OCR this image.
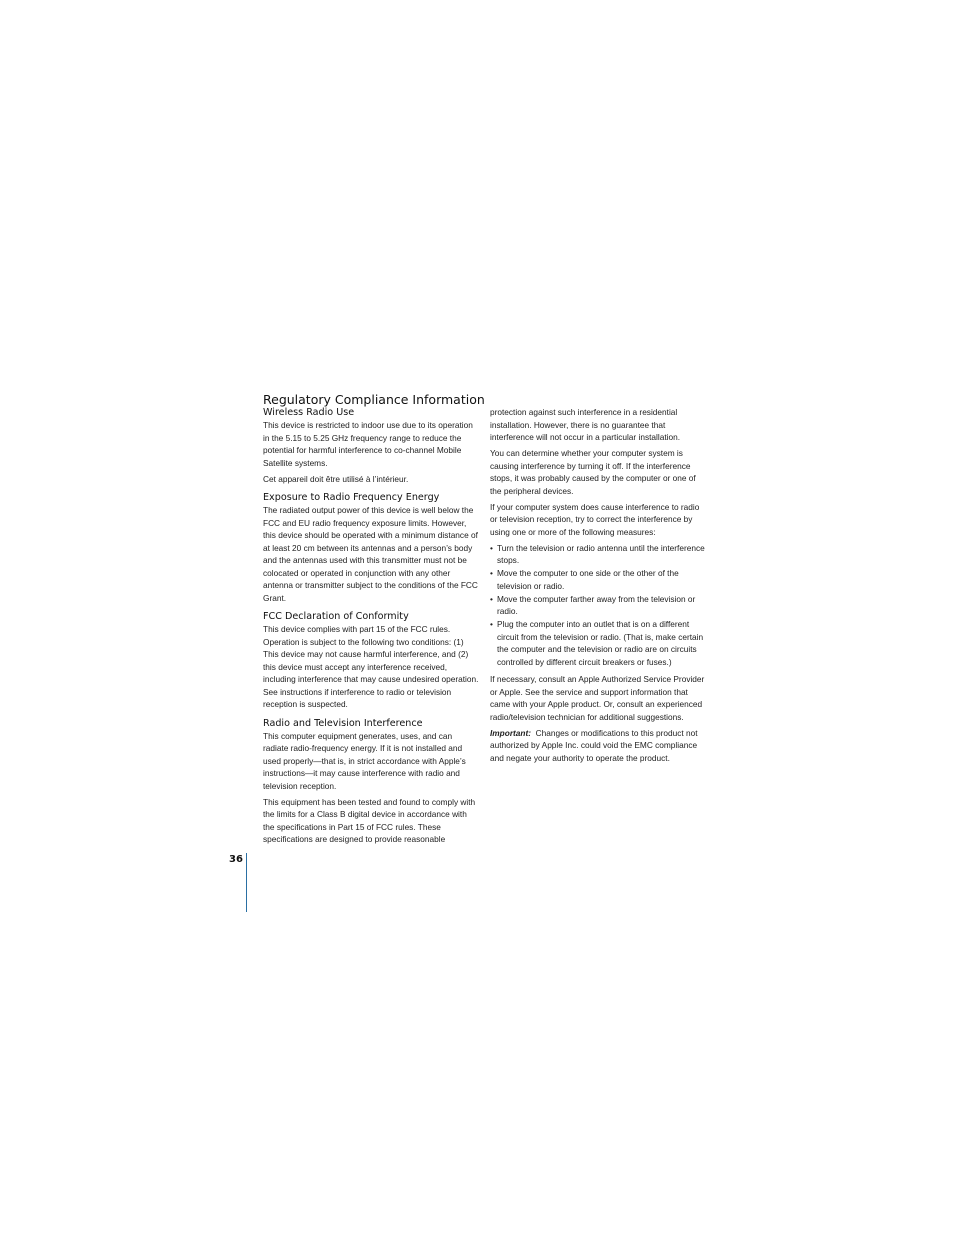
Regulatory Compliance Information
Wireless Radio Use

This device is restricted to indoor use due to its operation in the 5.15 to 5.25 GHz frequency range to reduce the potential for harmful interference to co-channel Mobile Satellite systems.

Cet appareil doit être utilisé à l’intérieur.

Exposure to Radio Frequency Energy

The radiated output power of this device is well below the FCC and EU radio frequency exposure limits. However, this device should be operated with a minimum distance of at least 20 cm between its antennas and a person’s body and the antennas used with this transmitter must not be colocated or operated in conjunction with any other antenna or transmitter subject to the conditions of the FCC Grant.

FCC Declaration of Conformity

This device complies with part 15 of the FCC rules. Operation is subject to the following two conditions: (1) This device may not cause harmful interference, and (2) this device must accept any interference received, including interference that may cause undesired operation. See instructions if interference to radio or television reception is suspected.

Radio and Television Interference

This computer equipment generates, uses, and can radiate radio-frequency energy. If it is not installed and used properly—that is, in strict accordance with Apple’s instructions—it may cause interference with radio and television reception.

This equipment has been tested and found to comply with the limits for a Class B digital device in accordance with the specifications in Part 15 of FCC rules. These specifications are designed to provide reasonable

protection against such interference in a residential installation. However, there is no guarantee that interference will not occur in a particular installation.

You can determine whether your computer system is causing interference by turning it off. If the interference stops, it was probably caused by the computer or one of the peripheral devices.

If your computer system does cause interference to radio or television reception, try to correct the interference by using one or more of the following measures:

• Turn the television or radio antenna until the interference stops.
• Move the computer to one side or the other of the television or radio.
• Move the computer farther away from the television or radio.
• Plug the computer into an outlet that is on a different circuit from the television or radio. (That is, make certain the computer and the television or radio are on circuits controlled by different circuit breakers or fuses.)

If necessary, consult an Apple Authorized Service Provider or Apple. See the service and support information that came with your Apple product. Or, consult an experienced radio/television technician for additional suggestions.

Important: Changes or modifications to this product not authorized by Apple Inc. could void the EMC compliance and negate your authority to operate the product.

36
